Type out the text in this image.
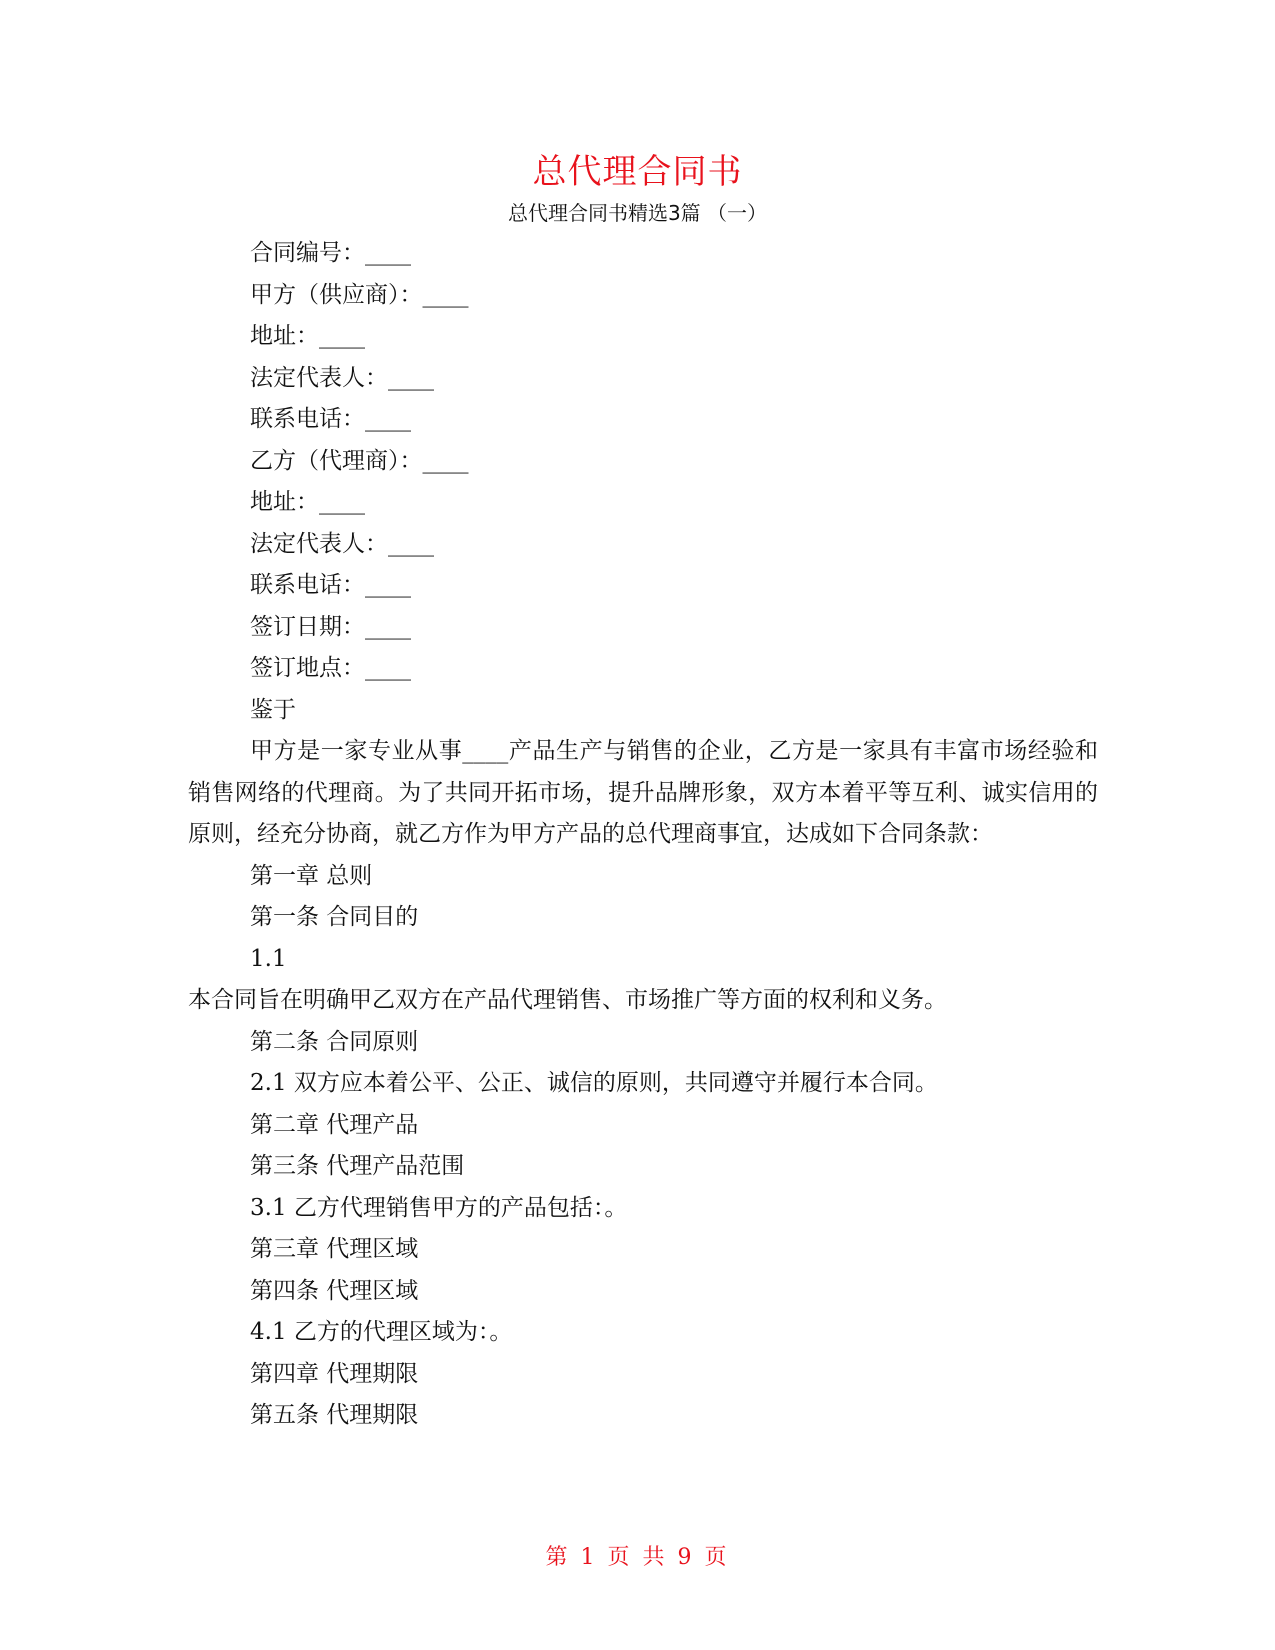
总代理合同书
总代理合同书精选3篇 （一）

合同编号：____

甲方（供应商）：____

地址：____

法定代表人：____

联系电话：____

乙方（代理商）：____

地址：____

法定代表人：____

联系电话：____

签订日期：____

签订地点：____

鉴于

甲方是一家专业从事____产品生产与销售的企业，乙方是一家具有丰富市场经验和销售网络的代理商。为了共同开拓市场，提升品牌形象，双方本着平等互利、诚实信用的原则，经充分协商，就乙方作为甲方产品的总代理商事宜，达成如下合同条款：

第一章 总则

第一条 合同目的

1.1

本合同旨在明确甲乙双方在产品代理销售、市场推广等方面的权利和义务。

第二条 合同原则

2.1 双方应本着公平、公正、诚信的原则，共同遵守并履行本合同。

第二章 代理产品

第三条 代理产品范围

3.1 乙方代理销售甲方的产品包括：。

第三章 代理区域

第四条 代理区域

4.1 乙方的代理区域为：。

第四章 代理期限

第五条 代理期限

第 1 页 共 9 页
